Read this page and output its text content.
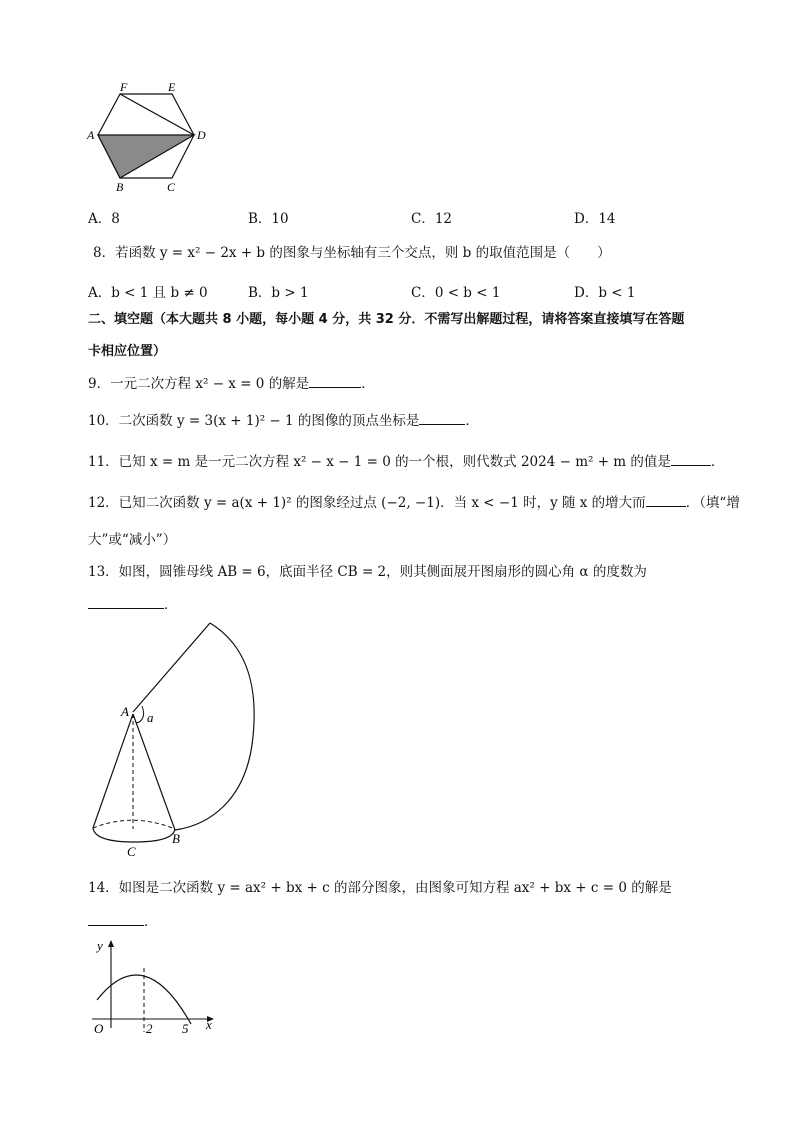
F	E
A	D
B	C
A．8	B．10	C．12	D．14
8．若函数 y = x² − 2x + b 的图象与坐标轴有三个交点，则 b 的取值范围是（　　）
A．b < 1 且 b ≠ 0	B．b > 1	C．0 < b < 1	D．b < 1
二、填空题（本大题共 8 小题，每小题 4 分，共 32 分．不需写出解题过程，请将答案直接填写在答题
卡相应位置）
9．一元二次方程 x² − x = 0 的解是	．
10．二次函数 y = 3(x + 1)² − 1 的图像的顶点坐标是	．
11．已知 x = m 是一元二次方程 x² − x − 1 = 0 的一个根，则代数式 2024 − m² + m 的值是	．
12．已知二次函数 y = a(x + 1)² 的图象经过点 (−2, −1)．当 x < −1 时，y 随 x 的增大而	．（填“增
大”或“减小”）
13．如图，圆锥母线 AB = 6，底面半径 CB = 2，则其侧面展开图扇形的圆心角 α 的度数为
．
A a
B
C
14．如图是二次函数 y = ax² + bx + c 的部分图象，由图象可知方程 ax² + bx + c = 0 的解是
．
y
x
O	2 5
